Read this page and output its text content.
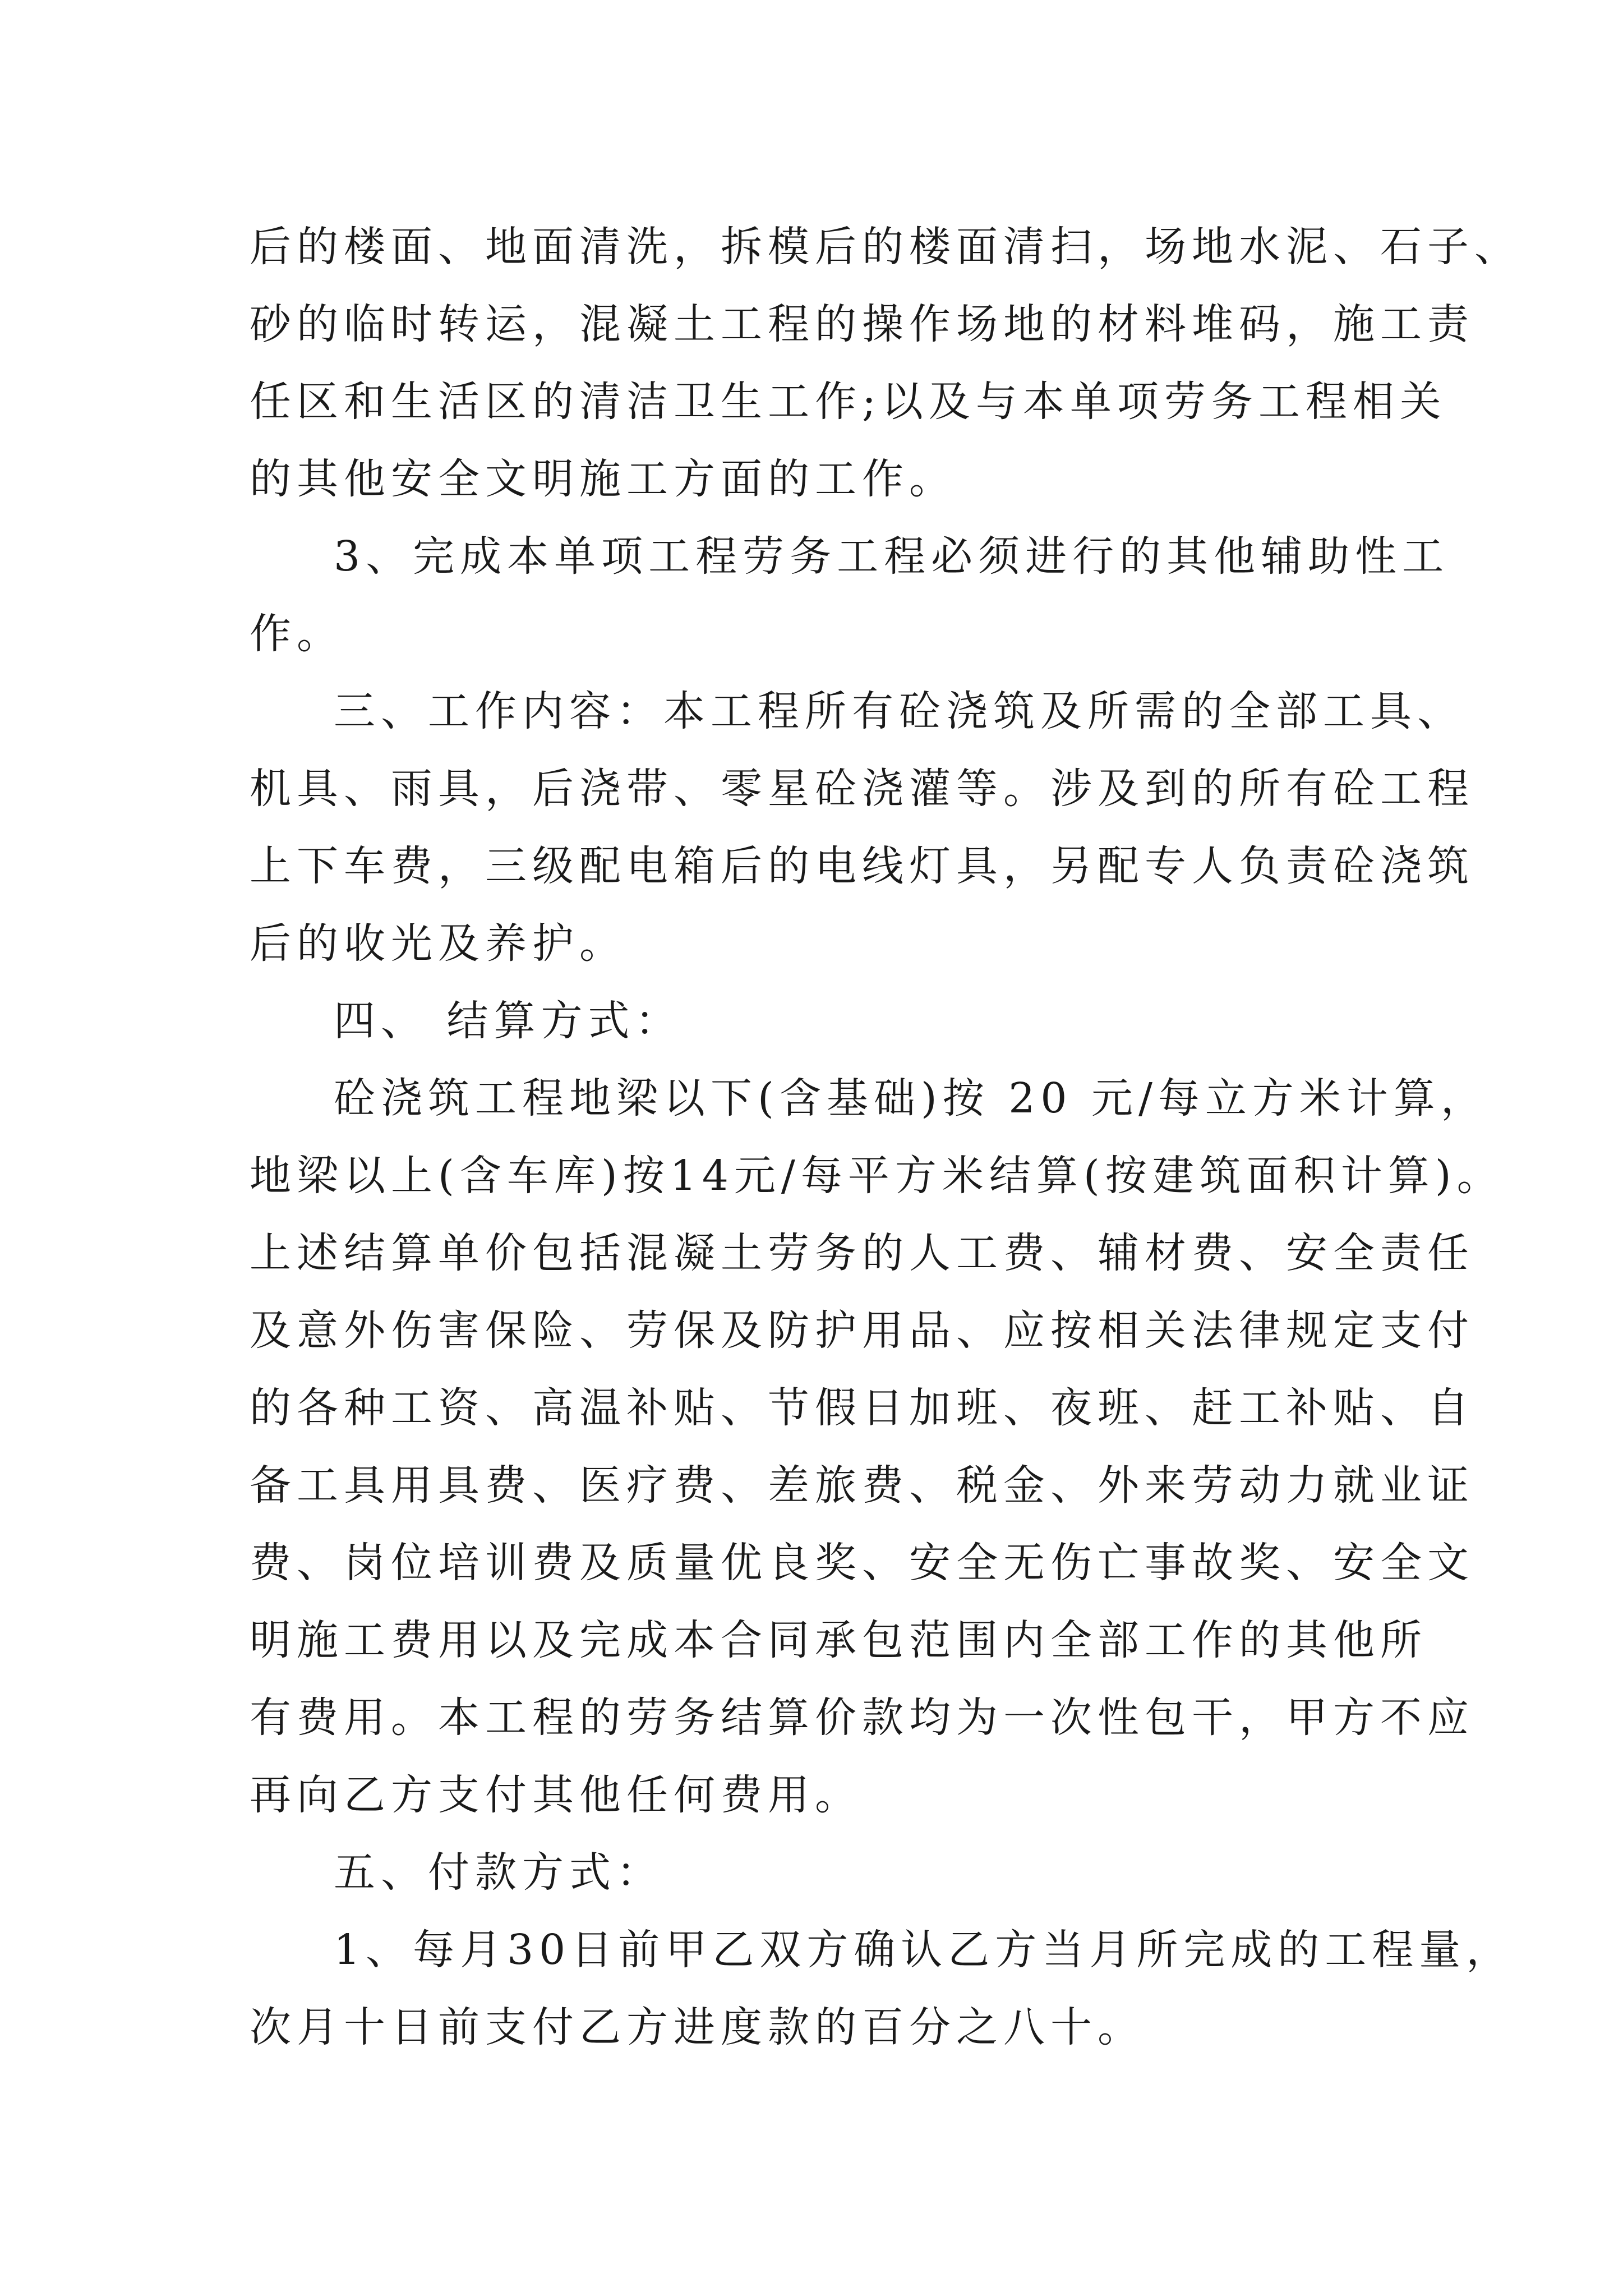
后的楼面、地面清洗，拆模后的楼面清扫，场地水泥、石子、
砂的临时转运，混凝土工程的操作场地的材料堆码，施工责
任区和生活区的清洁卫生工作;以及与本单项劳务工程相关
的其他安全文明施工方面的工作。
3、完成本单项工程劳务工程必须进行的其他辅助性工
作。
三、工作内容：本工程所有砼浇筑及所需的全部工具、
机具、雨具，后浇带、零星砼浇灌等。涉及到的所有砼工程
上下车费，三级配电箱后的电线灯具，另配专人负责砼浇筑
后的收光及养护。
四、 结算方式：
砼浇筑工程地梁以下(含基础)按 20 元/每立方米计算，
地梁以上(含车库)按14元/每平方米结算(按建筑面积计算)。
上述结算单价包括混凝土劳务的人工费、辅材费、安全责任
及意外伤害保险、劳保及防护用品、应按相关法律规定支付
的各种工资、高温补贴、节假日加班、夜班、赶工补贴、自
备工具用具费、医疗费、差旅费、税金、外来劳动力就业证
费、岗位培训费及质量优良奖、安全无伤亡事故奖、安全文
明施工费用以及完成本合同承包范围内全部工作的其他所
有费用。本工程的劳务结算价款均为一次性包干，甲方不应
再向乙方支付其他任何费用。
五、付款方式：
1、每月30日前甲乙双方确认乙方当月所完成的工程量，
次月十日前支付乙方进度款的百分之八十。
